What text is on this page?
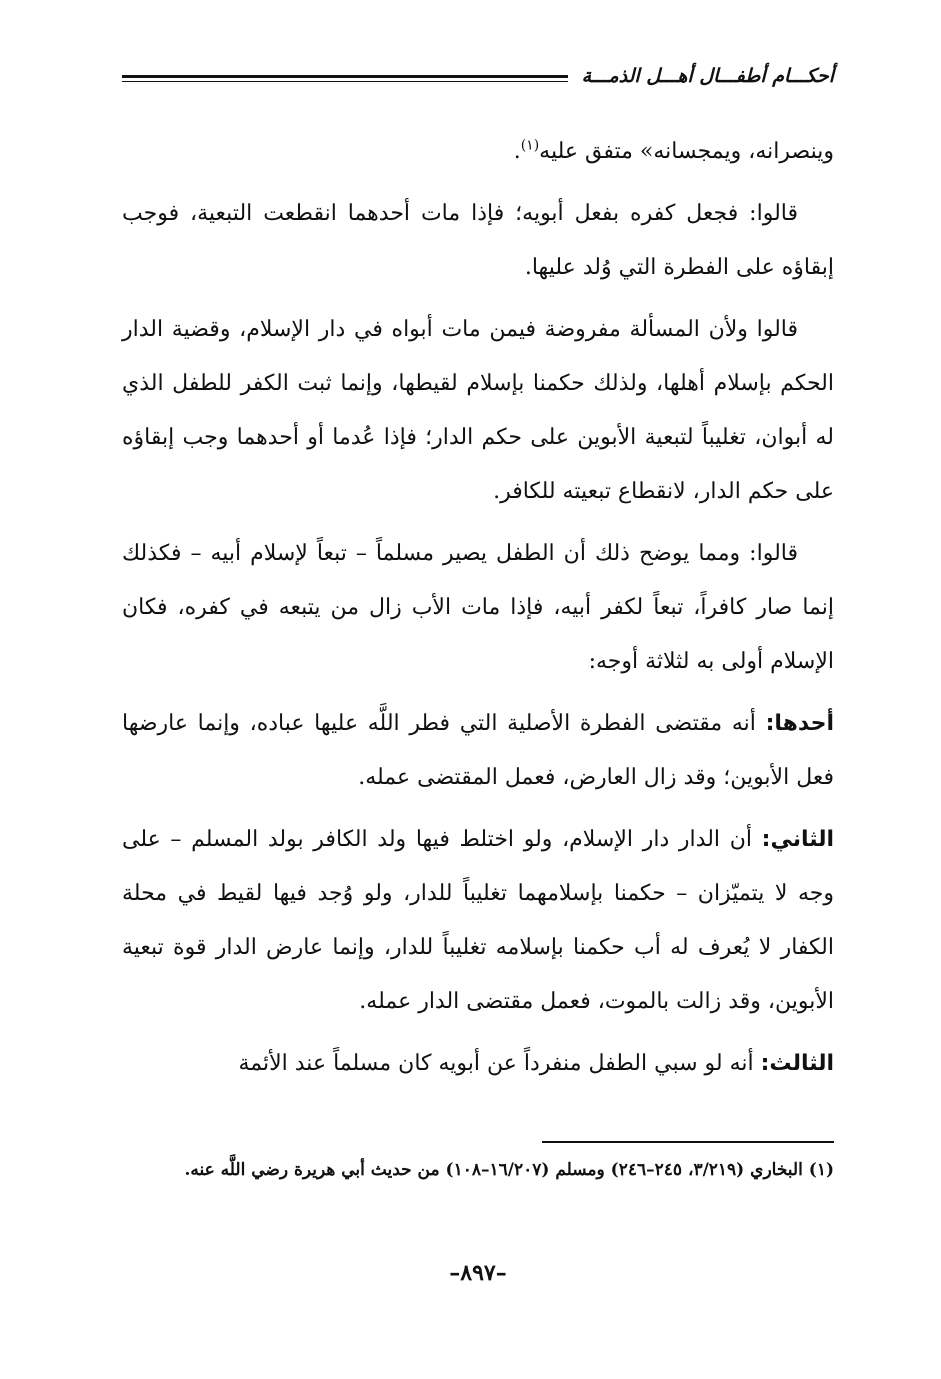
أحكـــام أطفـــال أهـــل الذمـــة

وينصرانه، ويمجسانه» متفق عليه$^{(١)}$.

قالوا: فجعل كفره بفعل أبويه؛ فإذا مات أحدهما انقطعت التبعية، فوجب إبقاؤه على الفطرة التي وُلد عليها.

قالوا ولأن المسألة مفروضة فيمن مات أبواه في دار الإسلام، وقضية الدار الحكم بإسلام أهلها، ولذلك حكمنا بإسلام لقيطها، وإنما ثبت الكفر للطفل الذي له أبوان، تغليباً لتبعية الأبوين على حكم الدار؛ فإذا عُدما أو أحدهما وجب إبقاؤه على حكم الدار، لانقطاع تبعيته للكافر.

قالوا: ومما يوضح ذلك أن الطفل يصير مسلماً – تبعاً لإسلام أبيه – فكذلك إنما صار كافراً، تبعاً لكفر أبيه، فإذا مات الأب زال من يتبعه في كفره، فكان الإسلام أولى به لثلاثة أوجه:

أحدها: أنه مقتضى الفطرة الأصلية التي فطر اللَّه عليها عباده، وإنما عارضها فعل الأبوين؛ وقد زال العارض، فعمل المقتضى عمله.

الثاني: أن الدار دار الإسلام، ولو اختلط فيها ولد الكافر بولد المسلم – على وجه لا يتميّزان – حكمنا بإسلامهما تغليباً للدار، ولو وُجد فيها لقيط في محلة الكفار لا يُعرف له أب حكمنا بإسلامه تغليباً للدار، وإنما عارض الدار قوة تبعية الأبوين، وقد زالت بالموت، فعمل مقتضى الدار عمله.

الثالث: أنه لو سبي الطفل منفرداً عن أبويه كان مسلماً عند الأئمة

(١) البخاري (٣/٢١٩، ٢٤٥–٢٤٦) ومسلم (١٦/٢٠٧–١٠٨) من حديث أبي هريرة رضي اللَّه عنه.

–٨٩٧–
